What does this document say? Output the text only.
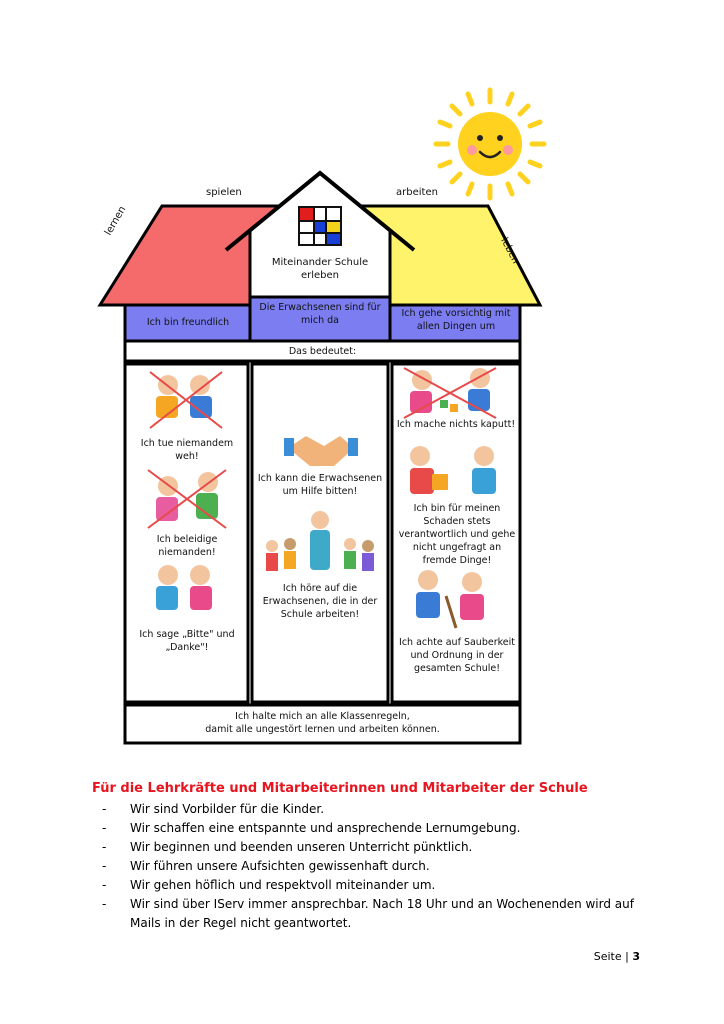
lernen
spielen	arbeiten
leben
Miteinander Schule erleben
Ich bin freundlich
Die Erwachsenen sind für mich da
Ich gehe vorsichtig mit allen Dingen um
Das bedeutet:
Ich tue niemandem weh!
Ich beleidige niemanden!
Ich sage „Bitte" und „Danke"!
Ich kann die Erwachsenen um Hilfe bitten!
Ich höre auf die Erwachsenen, die in der Schule arbeiten!
Ich mache nichts kaputt!
Ich bin für meinen Schaden stets verantwortlich und gehe nicht ungefragt an fremde Dinge!
Ich achte auf Sauberkeit und Ordnung in der gesamten Schule!
Ich halte mich an alle Klassenregeln,
damit alle ungestört lernen und arbeiten können.
Für die Lehrkräfte und Mitarbeiterinnen und Mitarbeiter der Schule
- Wir sind Vorbilder für die Kinder.
- Wir schaffen eine entspannte und ansprechende Lernumgebung.
- Wir beginnen und beenden unseren Unterricht pünktlich.
- Wir führen unsere Aufsichten gewissenhaft durch.
- Wir gehen höflich und respektvoll miteinander um.
- Wir sind über IServ immer ansprechbar. Nach 18 Uhr und an Wochenenden wird auf Mails in der Regel nicht geantwortet.
Seite | 3
